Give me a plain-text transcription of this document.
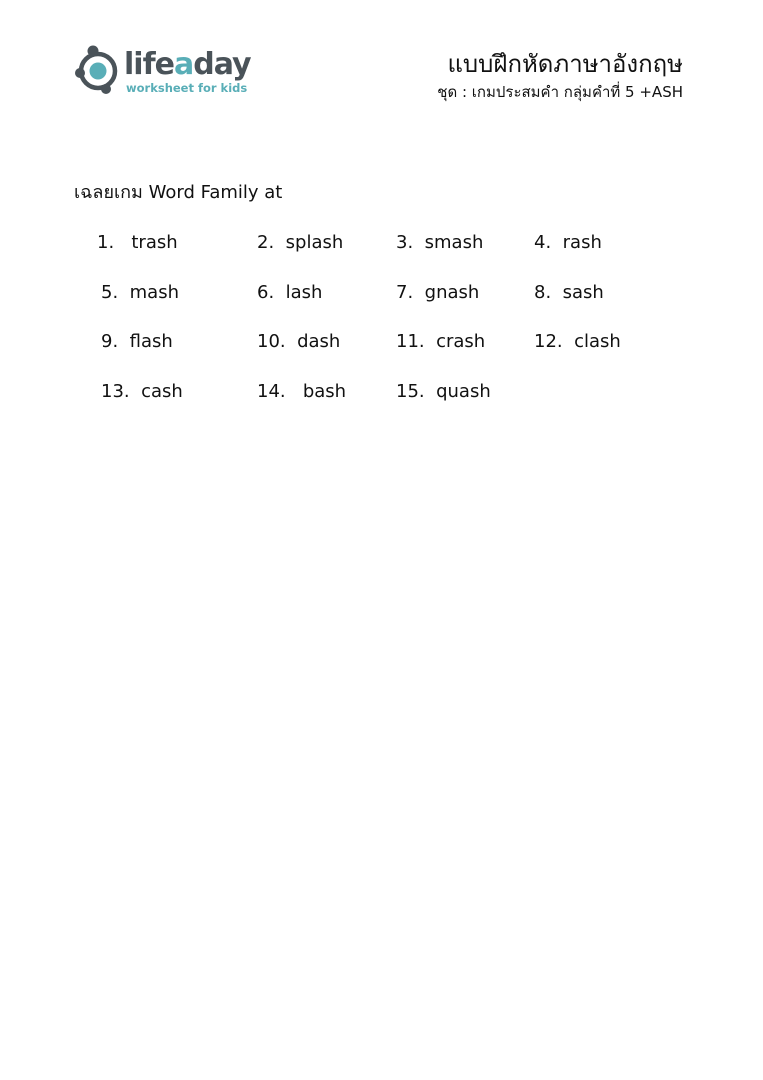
lifeaday
worksheet for kids
แบบฝึกหัดภาษาอังกฤษ
ชุด : เกมประสมคำ กลุ่มคำที่ 5 +ASH
เฉลยเกม Word Family at
1. trash	2. splash	3. smash	4. rash
5. mash	6. lash	7. gnash	8. sash
9. flash	10. dash	11. crash	12. clash
13. cash	14. bash	15. quash
